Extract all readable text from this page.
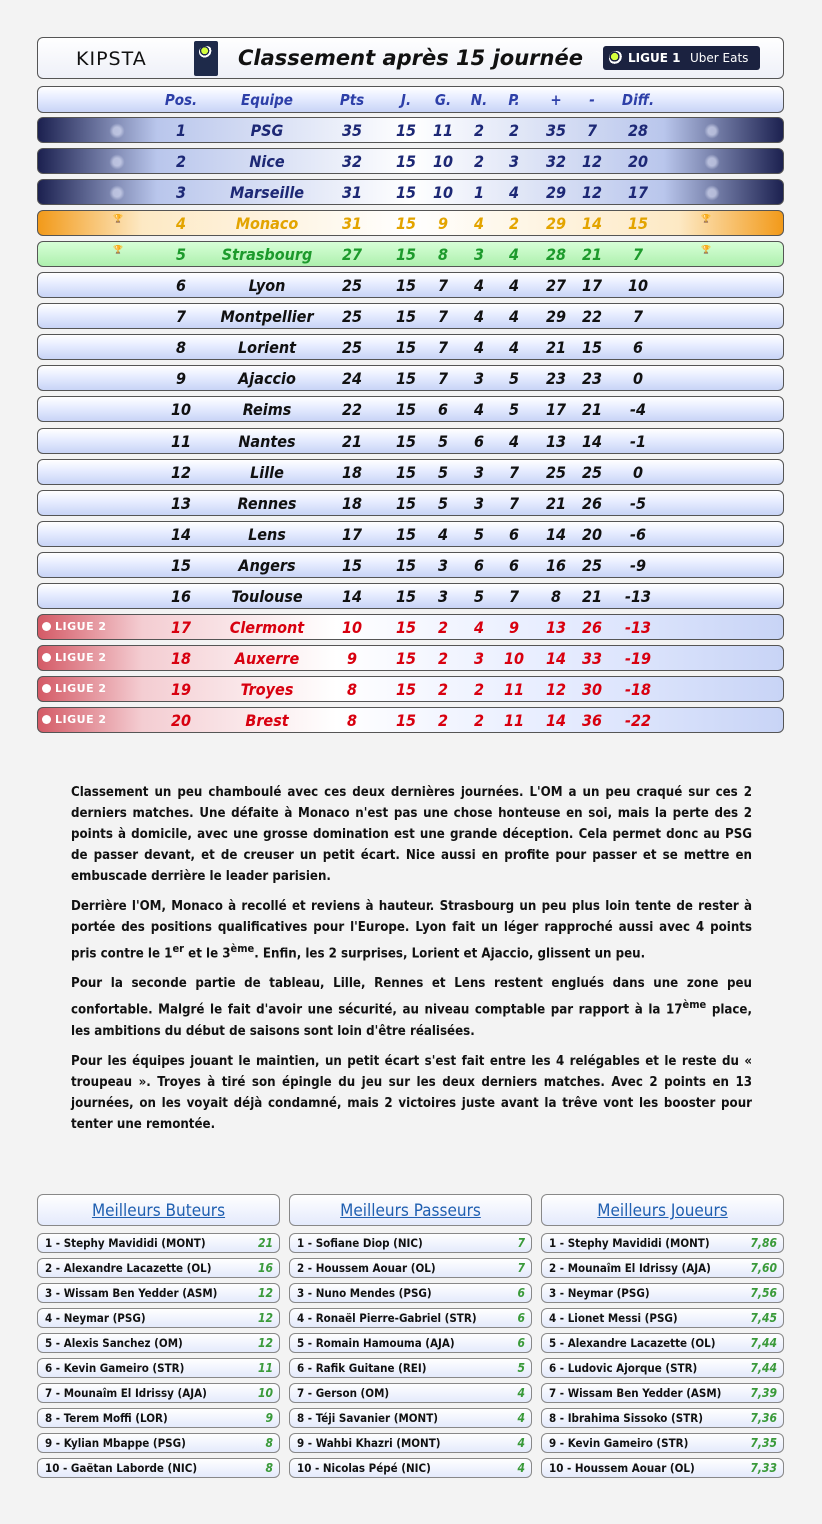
KIPSTA	Classement après 15 journée	LIGUE 1 Uber Eats
Pos.	Equipe	Pts J. G. N. P. + - Diff.
1	PSG	35 15 11 2 2 35 7 28
2	Nice	32 15 10 2 3 32 12 20
3	Marseille 31 15 10 1 4 29 12 17
🏆	🏆
4	Monaco	31 15 9 4 2 29 14 15
🏆	🏆
5 Strasbourg 27 15 8 3 4 28 21 7
6	Lyon	25 15 7 4 4 27 17 10
7 Montpellier 25 15 7 4 4 29 22 7
8	Lorient	25 15 7 4 4 21 15 6
9	Ajaccio	24 15 7 3 5 23 23 0
10	Reims	22 15 6 4 5 17 21 -4
11	Nantes	21 15 5 6 4 13 14 -1
12	Lille	18 15 5 3 7 25 25 0
13	Rennes	18 15 5 3 7 21 26 -5
14	Lens	17 15 4 5 6 14 20 -6
15	Angers	15 15 3 6 6 16 25 -9
16	Toulouse 14 15 3 5 7 8 21 -13
LIGUE 2	17 Clermont 10 15 2 4 9 13 26 -13
LIGUE 2	18	Auxerre	9 15 2 3 10 14 33 -19
LIGUE 2	19	Troyes	8 15 2 2 11 12 30 -18
LIGUE 2	20	Brest	8 15 2 2 11 14 36 -22

Classement un peu chamboulé avec ces deux dernières journées. L'OM a un peu craqué sur ces 2 derniers matches. Une défaite à Monaco n'est pas une chose honteuse en soi, mais la perte des 2 points à domicile, avec une grosse domination est une grande déception. Cela permet donc au PSG de passer devant, et de creuser un petit écart. Nice aussi en profite pour passer et se mettre en embuscade derrière le leader parisien.

Derrière l'OM, Monaco à recollé et reviens à hauteur. Strasbourg un peu plus loin tente de rester à portée des positions qualificatives pour l'Europe. Lyon fait un léger rapproché aussi avec 4 points pris contre le 1er et le 3ème. Enfin, les 2 surprises, Lorient et Ajaccio, glissent un peu.

Pour la seconde partie de tableau, Lille, Rennes et Lens restent englués dans une zone peu confortable. Malgré le fait d'avoir une sécurité, au niveau comptable par rapport à la 17ème place, les ambitions du début de saisons sont loin d'être réalisées.

Pour les équipes jouant le maintien, un petit écart s'est fait entre les 4 relégables et le reste du « troupeau ». Troyes à tiré son épingle du jeu sur les deux derniers matches. Avec 2 points en 13 journées, on les voyait déjà condamné, mais 2 victoires juste avant la trêve vont les booster pour tenter une remontée.

Meilleurs Buteurs
1 - Stephy Mavididi (MONT)	21
2 - Alexandre Lacazette (OL)	16
3 - Wissam Ben Yedder (ASM)	12
4 - Neymar (PSG)	12
5 - Alexis Sanchez (OM)	12
6 - Kevin Gameiro (STR)	11
7 - Mounaîm El Idrissy (AJA)	10
8 - Terem Moffi (LOR)	9
9 - Kylian Mbappe (PSG)	8
10 - Gaëtan Laborde (NIC)	8
Meilleurs Passeurs
1 - Sofiane Diop (NIC)	7
2 - Houssem Aouar (OL)	7
3 - Nuno Mendes (PSG)	6
4 - Ronaël Pierre-Gabriel (STR)	6
5 - Romain Hamouma (AJA)	6
6 - Rafik Guitane (REI)	5
7 - Gerson (OM)	4
8 - Téji Savanier (MONT)	4
9 - Wahbi Khazri (MONT)	4
10 - Nicolas Pépé (NIC)	4
Meilleurs Joueurs
1 - Stephy Mavididi (MONT)	7,86
2 - Mounaîm El Idrissy (AJA)	7,60
3 - Neymar (PSG)	7,56
4 - Lionet Messi (PSG)	7,45
5 - Alexandre Lacazette (OL)	7,44
6 - Ludovic Ajorque (STR)	7,44
7 - Wissam Ben Yedder (ASM) 7,39
8 - Ibrahima Sissoko (STR)	7,36
9 - Kevin Gameiro (STR)	7,35
10 - Houssem Aouar (OL)	7,33
